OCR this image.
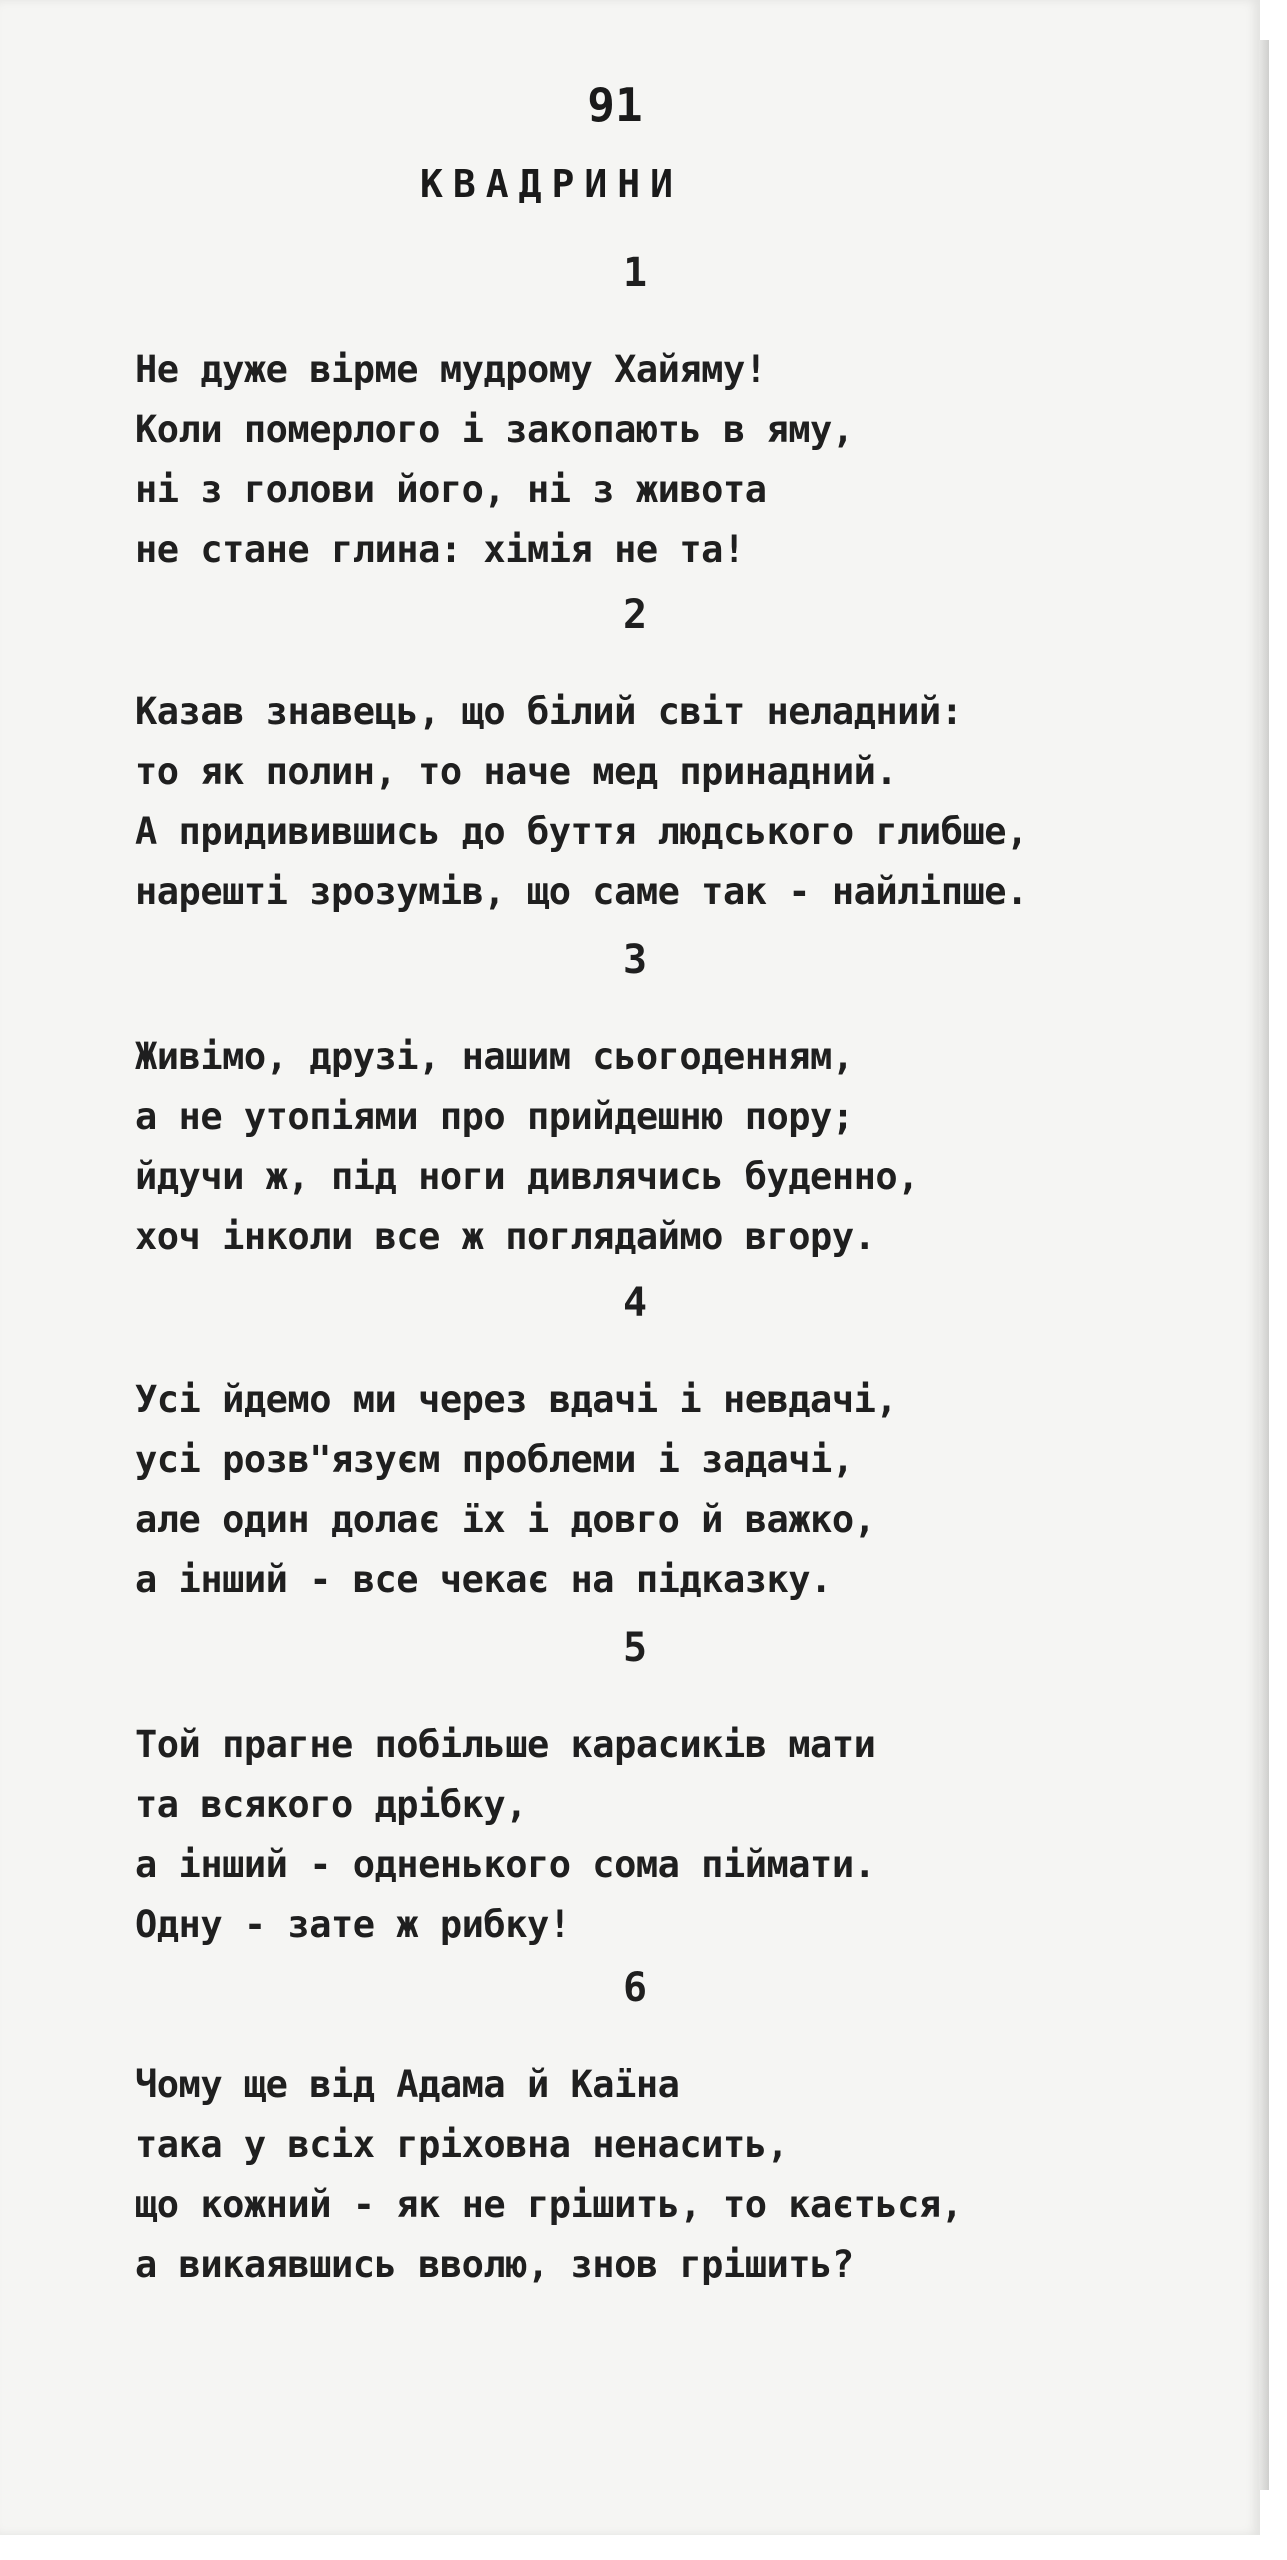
91
КВАДРИНИ
1
Не дуже вірме мудрому Хайяму!
Коли померлого і закопають в яму,
ні з голови його, ні з живота
не стане глина: хімія не та!
2
Казав знавець, що білий світ неладний:
то як полин, то наче мед принадний.
А придивившись до буття людського глибше,
нарешті зрозумів, що саме так - найліпше.
3
Живімо, друзі, нашим сьогоденням,
а не утопіями про прийдешню пору;
йдучи ж, під ноги дивлячись буденно,
хоч інколи все ж поглядаймо вгору.
4
Усі йдемо ми через вдачі і невдачі,
усі розв"язуєм проблеми і задачі,
але один долає їх і довго й важко,
а інший - все чекає на підказку.
5
Той прагне побільше карасиків мати
та всякого дрібку,
а інший - одненького сома піймати.
Одну - зате ж рибку!
6
Чому ще від Адама й Каїна
така у всіх гріховна ненасить,
що кожний - як не грішить, то кається,
а викаявшись вволю, знов грішить?
